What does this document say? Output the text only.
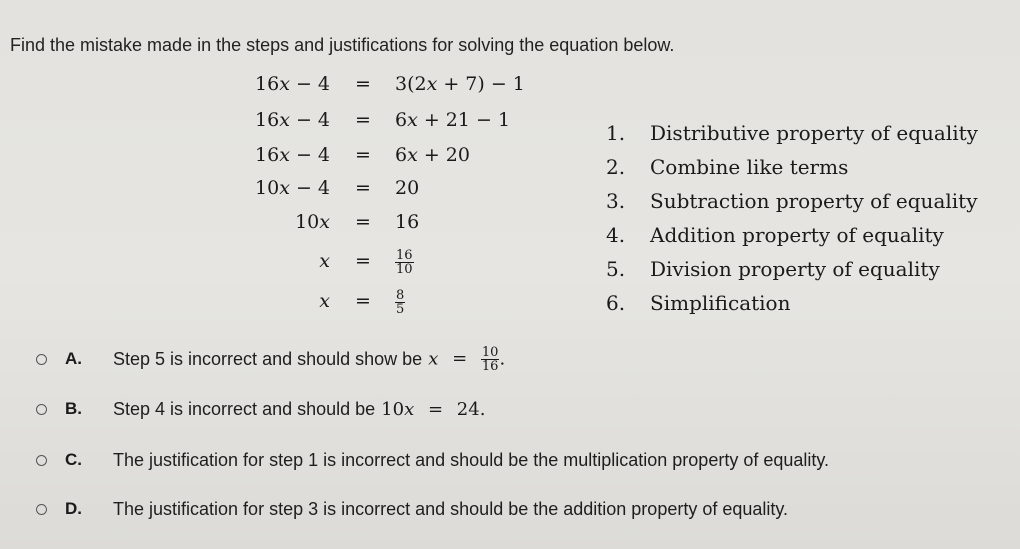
Find the mistake made in the steps and justifications for solving the equation below.
16x − 4 = 3(2x + 7) − 1
16x − 4 = 6x + 21 − 1
16x − 4 = 6x + 20
10x − 4 = 20
10x = 16
$x = \frac{16}{10}$
$x = \frac{8}{5}$
1. Distributive property of equality
2. Combine like terms
3. Subtraction property of equality
4. Addition property of equality
5. Division property of equality
6. Simplification
A.	Step 5 is incorrect and should show be $x = \frac{10}{16}$ .
B.	Step 4 is incorrect and should be 10x = 24.
C.	The justification for step 1 is incorrect and should be the multiplication property of equality.
D.	The justification for step 3 is incorrect and should be the addition property of equality.
